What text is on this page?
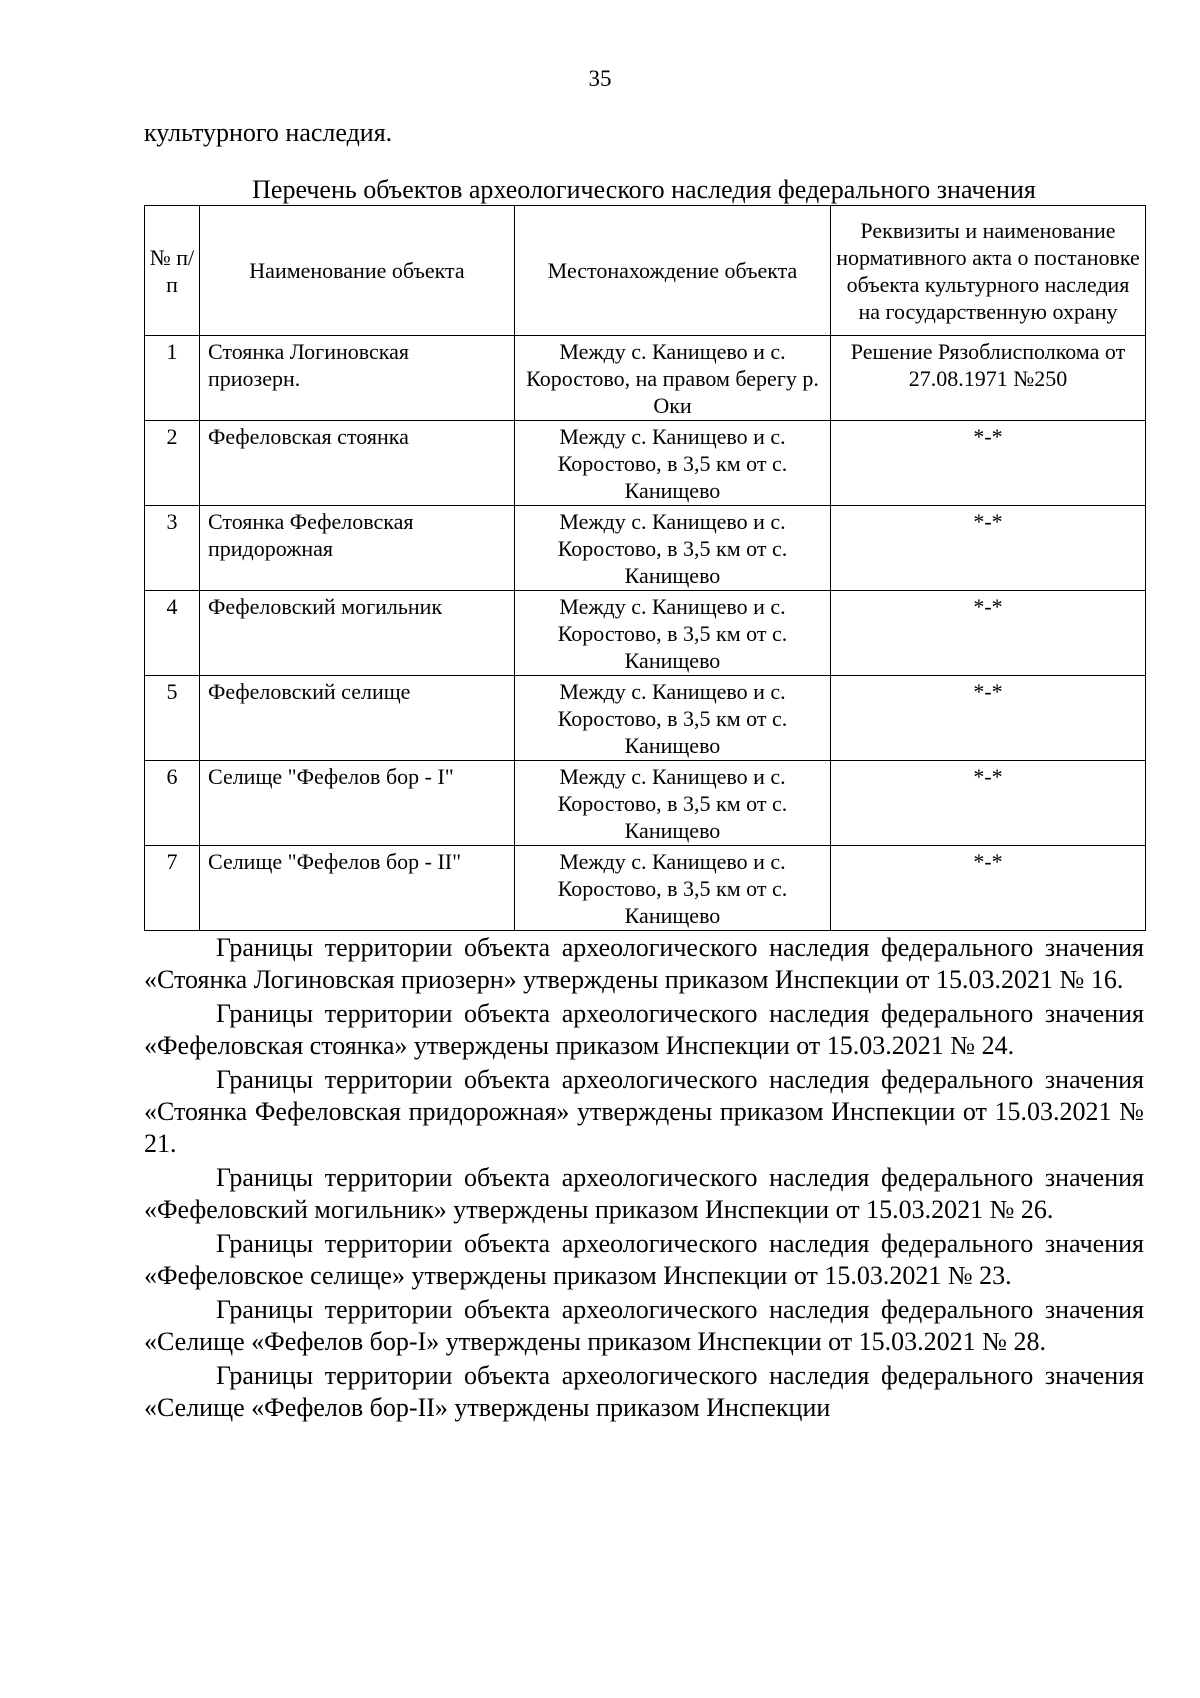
35
культурного наследия.
Перечень объектов археологического наследия федерального значения
№ п/п	Наименование объекта	Местонахождение объекта	Реквизиты и наименование нормативного акта о постановке объекта культурного наследия на государственную охрану
1	Стоянка Логиновская приозерн.	Между с. Канищево и с. Коростово, на правом берегу р. Оки	Решение Рязоблисполкома от 27.08.1971 №250
2	Фефеловская стоянка	Между с. Канищево и с. Коростово, в 3,5 км от с. Канищево	*-*
3	Стоянка Фефеловская придорожная	Между с. Канищево и с. Коростово, в 3,5 км от с. Канищево	*-*
4	Фефеловский могильник	Между с. Канищево и с. Коростово, в 3,5 км от с. Канищево	*-*
5	Фефеловский селище	Между с. Канищево и с. Коростово, в 3,5 км от с. Канищево	*-*
6	Селище "Фефелов бор - I"	Между с. Канищево и с. Коростово, в 3,5 км от с. Канищево	*-*
7	Селище "Фефелов бор - II"	Между с. Канищево и с. Коростово, в 3,5 км от с. Канищево	*-*

Границы территории объекта археологического наследия федерального значения «Стоянка Логиновская приозерн» утверждены приказом Инспекции от 15.03.2021 № 16.

Границы территории объекта археологического наследия федерального значения «Фефеловская стоянка» утверждены приказом Инспекции от 15.03.2021 № 24.

Границы территории объекта археологического наследия федерального значения «Стоянка Фефеловская придорожная» утверждены приказом Инспекции от 15.03.2021 № 21.

Границы территории объекта археологического наследия федерального значения «Фефеловский могильник» утверждены приказом Инспекции от 15.03.2021 № 26.

Границы территории объекта археологического наследия федерального значения «Фефеловское селище» утверждены приказом Инспекции от 15.03.2021 № 23.

Границы территории объекта археологического наследия федерального значения «Селище «Фефелов бор-I» утверждены приказом Инспекции от 15.03.2021 № 28.

Границы территории объекта археологического наследия федерального значения «Селище «Фефелов бор-II» утверждены приказом Инспекции
